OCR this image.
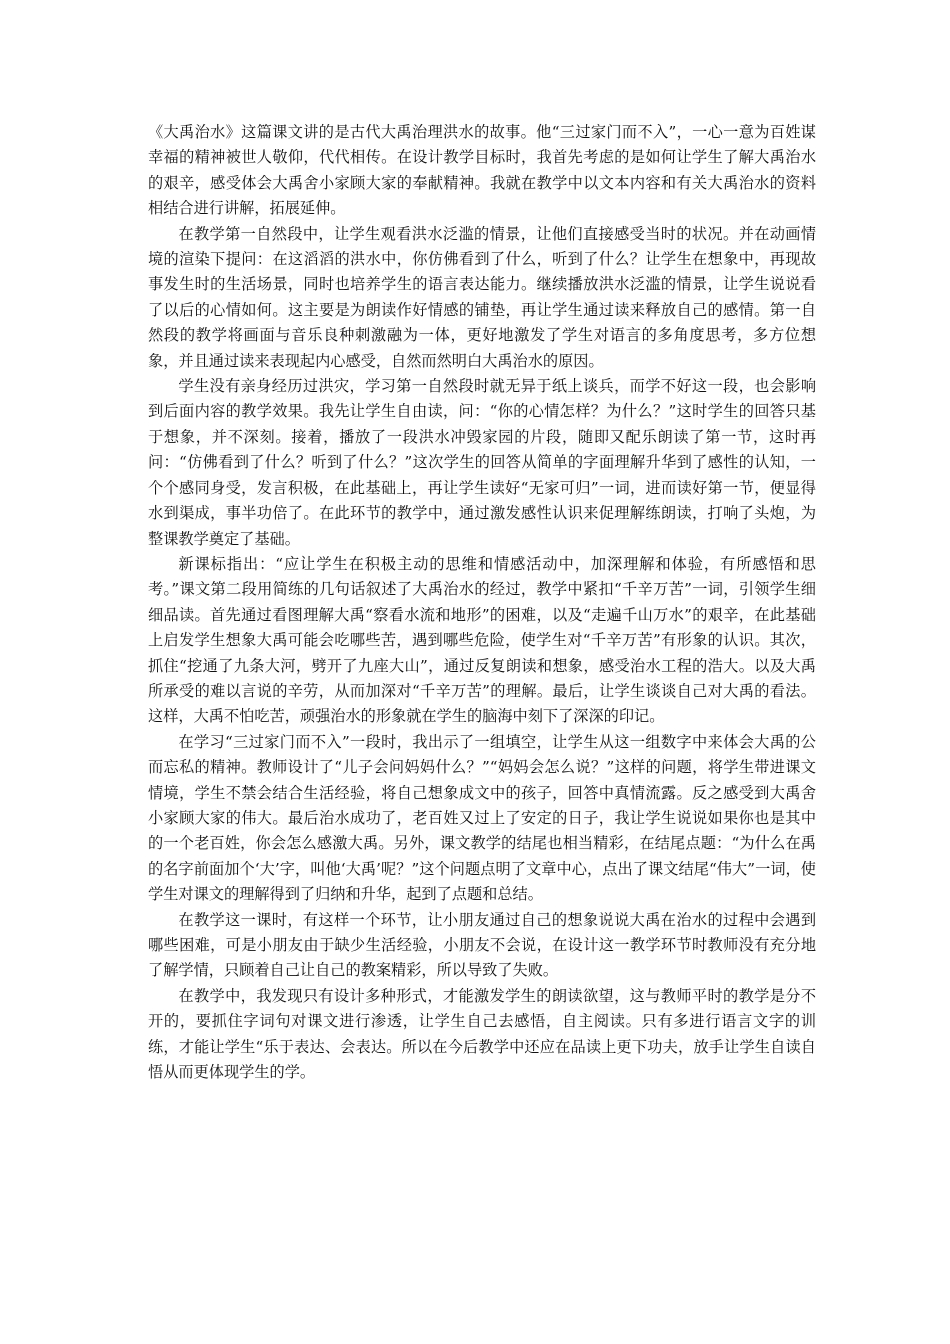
《大禹治水》这篇课文讲的是古代大禹治理洪水的故事。他“三过家门而不入”，一心一意为百姓谋幸福的精神被世人敬仰，代代相传。在设计教学目标时，我首先考虑的是如何让学生了解大禹治水的艰辛，感受体会大禹舍小家顾大家的奉献精神。我就在教学中以文本内容和有关大禹治水的资料相结合进行讲解，拓展延伸。

在教学第一自然段中，让学生观看洪水泛滥的情景，让他们直接感受当时的状况。并在动画情境的渲染下提问：在这滔滔的洪水中，你仿佛看到了什么，听到了什么？让学生在想象中，再现故事发生时的生活场景，同时也培养学生的语言表达能力。继续播放洪水泛滥的情景，让学生说说看了以后的心情如何。这主要是为朗读作好情感的铺垫，再让学生通过读来释放自己的感情。第一自然段的教学将画面与音乐良种刺激融为一体，更好地激发了学生对语言的多角度思考，多方位想象，并且通过读来表现起内心感受，自然而然明白大禹治水的原因。

学生没有亲身经历过洪灾，学习第一自然段时就无异于纸上谈兵，而学不好这一段，也会影响到后面内容的教学效果。我先让学生自由读，问：“你的心情怎样？为什么？”这时学生的回答只基于想象，并不深刻。接着，播放了一段洪水冲毁家园的片段，随即又配乐朗读了第一节，这时再问：“仿佛看到了什么？听到了什么？”这次学生的回答从简单的字面理解升华到了感性的认知，一个个感同身受，发言积极，在此基础上，再让学生读好“无家可归”一词，进而读好第一节，便显得水到渠成，事半功倍了。在此环节的教学中，通过激发感性认识来促理解练朗读，打响了头炮，为整课教学奠定了基础。

新课标指出：“应让学生在积极主动的思维和情感活动中，加深理解和体验，有所感悟和思考。”课文第二段用简练的几句话叙述了大禹治水的经过，教学中紧扣“千辛万苦”一词，引领学生细细品读。首先通过看图理解大禹“察看水流和地形”的困难，以及“走遍千山万水”的艰辛，在此基础上启发学生想象大禹可能会吃哪些苦，遇到哪些危险，使学生对“千辛万苦”有形象的认识。其次，抓住“挖通了九条大河，劈开了九座大山”，通过反复朗读和想象，感受治水工程的浩大。以及大禹所承受的难以言说的辛劳，从而加深对“千辛万苦”的理解。最后，让学生谈谈自己对大禹的看法。这样，大禹不怕吃苦，顽强治水的形象就在学生的脑海中刻下了深深的印记。

在学习“三过家门而不入”一段时，我出示了一组填空，让学生从这一组数字中来体会大禹的公而忘私的精神。教师设计了“儿子会问妈妈什么？”“妈妈会怎么说？”这样的问题，将学生带进课文情境，学生不禁会结合生活经验，将自己想象成文中的孩子，回答中真情流露。反之感受到大禹舍小家顾大家的伟大。最后治水成功了，老百姓又过上了安定的日子，我让学生说说如果你也是其中的一个老百姓，你会怎么感激大禹。另外，课文教学的结尾也相当精彩，在结尾点题：“为什么在禹的名字前面加个‘大’字，叫他‘大禹’呢？”这个问题点明了文章中心，点出了课文结尾“伟大”一词，使学生对课文的理解得到了归纳和升华，起到了点题和总结。

在教学这一课时，有这样一个环节，让小朋友通过自己的想象说说大禹在治水的过程中会遇到哪些困难，可是小朋友由于缺少生活经验，小朋友不会说，在设计这一教学环节时教师没有充分地了解学情，只顾着自己让自己的教案精彩，所以导致了失败。

在教学中，我发现只有设计多种形式，才能激发学生的朗读欲望，这与教师平时的教学是分不开的，要抓住字词句对课文进行渗透，让学生自己去感悟，自主阅读。只有多进行语言文字的训练，才能让学生“乐于表达、会表达。所以在今后教学中还应在品读上更下功夫，放手让学生自读自悟从而更体现学生的学。
